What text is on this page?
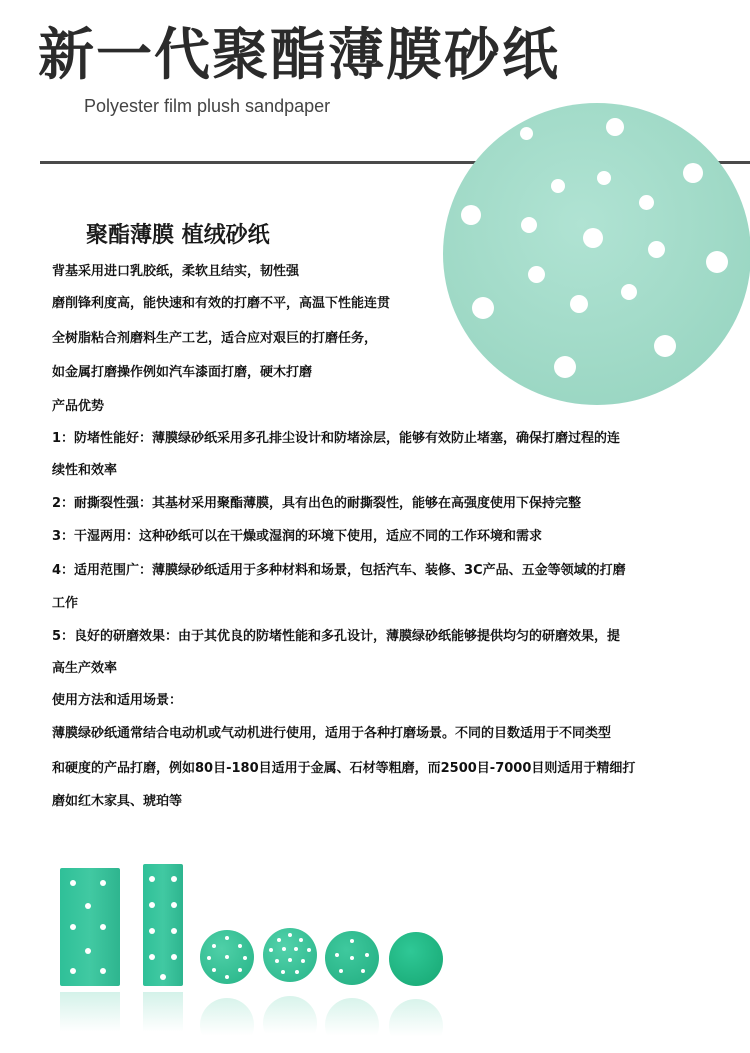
新一代聚酯薄膜砂纸
Polyester film plush sandpaper
聚酯薄膜 植绒砂纸
背基采用进口乳胶纸，柔软且结实，韧性强
磨削锋利度高，能快速和有效的打磨不平，高温下性能连贯
全树脂粘合剂磨料生产工艺，适合应对艰巨的打磨任务，
如金属打磨操作例如汽车漆面打磨，硬木打磨
产品优势
1：防堵性能好：薄膜绿砂纸采用多孔排尘设计和防堵涂层，能够有效防止堵塞，确保打磨过程的连
续性和效率
2：耐撕裂性强：其基材采用聚酯薄膜，具有出色的耐撕裂性，能够在高强度使用下保持完整
3：干湿两用：这种砂纸可以在干燥或湿润的环境下使用，适应不同的工作环境和需求
4：适用范围广：薄膜绿砂纸适用于多种材料和场景，包括汽车、装修、3C产品、五金等领域的打磨
工作
5：良好的研磨效果：由于其优良的防堵性能和多孔设计，薄膜绿砂纸能够提供均匀的研磨效果，提
高生产效率
使用方法和适用场景：
薄膜绿砂纸通常结合电动机或气动机进行使用，适用于各种打磨场景。不同的目数适用于不同类型
和硬度的产品打磨，例如80目-180目适用于金属、石材等粗磨，而2500目-7000目则适用于精细打
磨如红木家具、琥珀等
